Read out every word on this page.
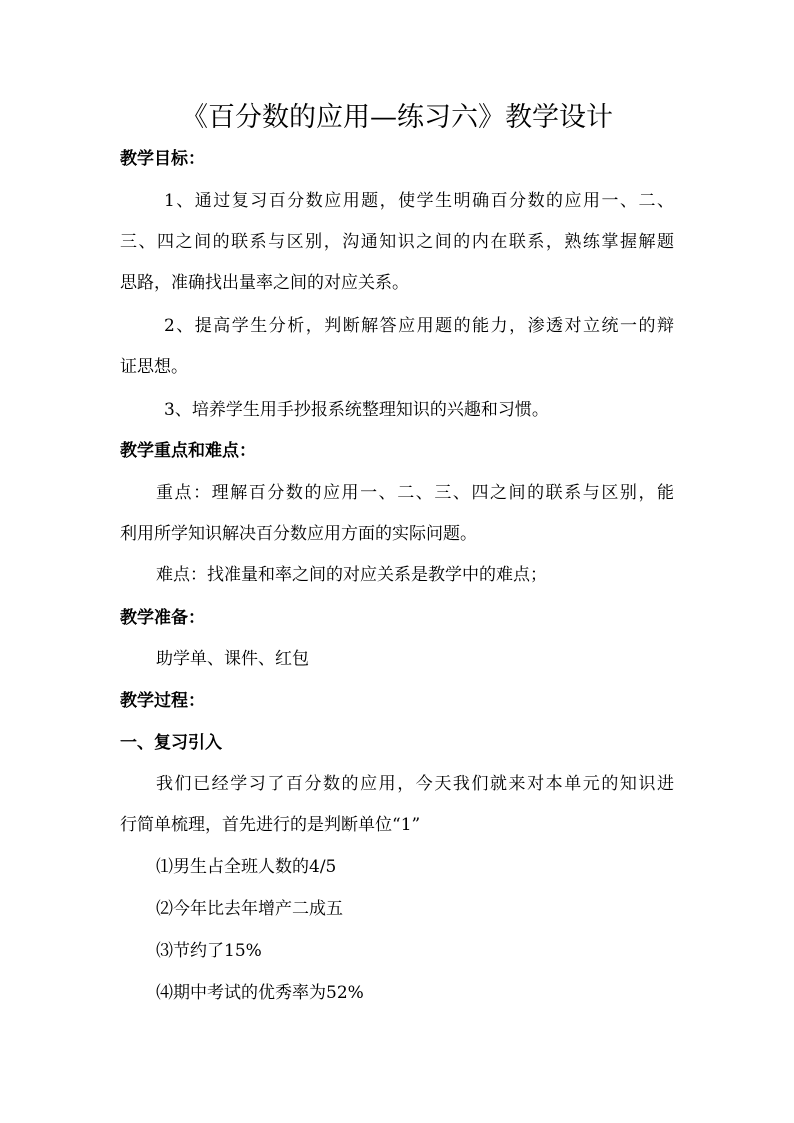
《百分数的应用—练习六》教学设计
教学目标：
1、通过复习百分数应用题，使学生明确百分数的应用一、二、
三、四之间的联系与区别，沟通知识之间的内在联系，熟练掌握解题
思路，准确找出量率之间的对应关系。
2、提高学生分析，判断解答应用题的能力，渗透对立统一的辩
证思想。
3、培养学生用手抄报系统整理知识的兴趣和习惯。
教学重点和难点：
重点：理解百分数的应用一、二、三、四之间的联系与区别，能
利用所学知识解决百分数应用方面的实际问题。
难点：找准量和率之间的对应关系是教学中的难点；
教学准备：
助学单、课件、红包
教学过程：
一、复习引入
我们已经学习了百分数的应用，今天我们就来对本单元的知识进
行简单梳理，首先进行的是判断单位“1”
⑴男生占全班人数的4/5
⑵今年比去年增产二成五
⑶节约了15%
⑷期中考试的优秀率为52%
